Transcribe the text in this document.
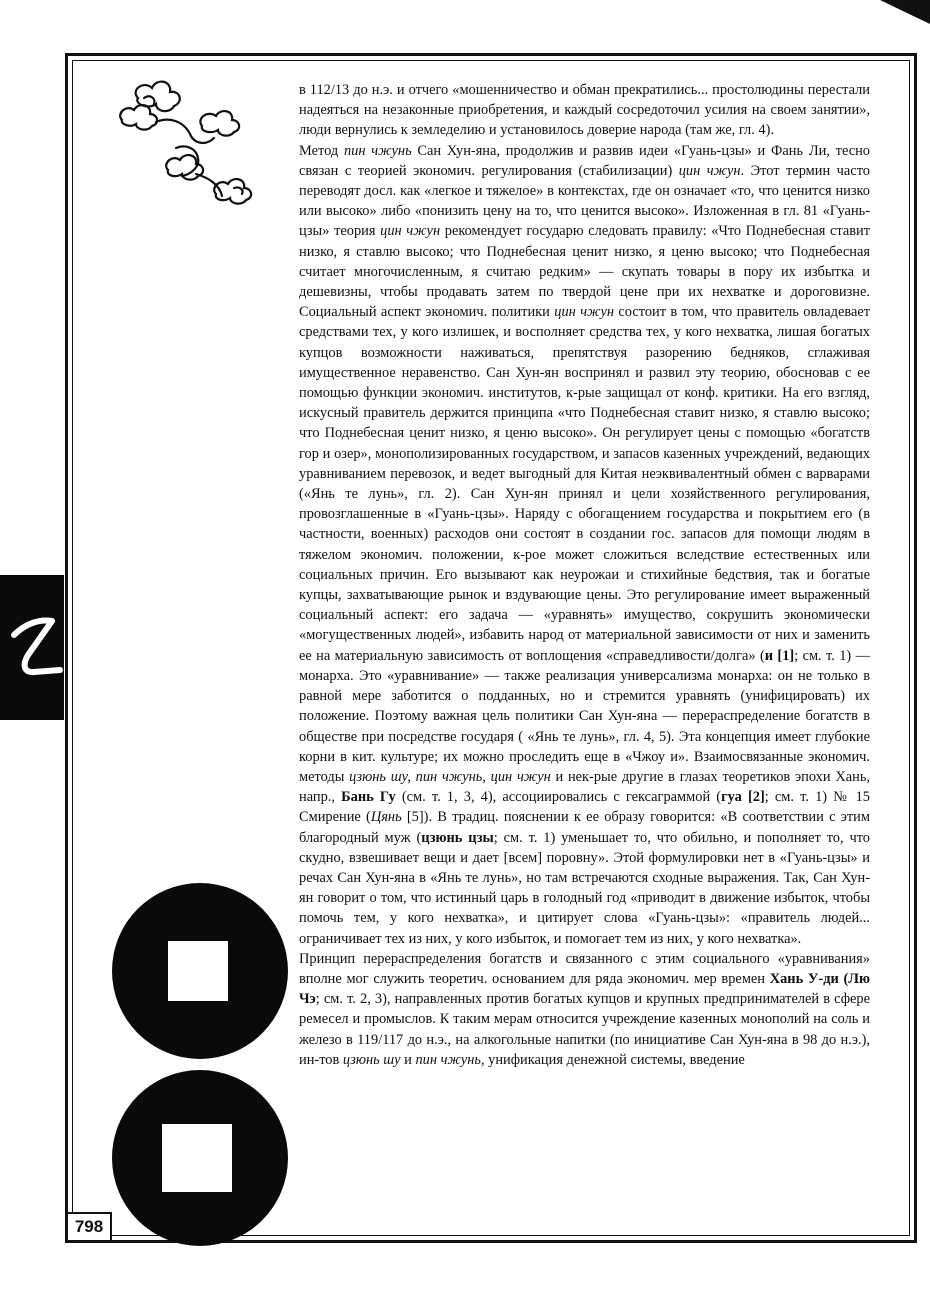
798

в 112/13 до н.э. и отчего «мошенничество и обман прекратились... простолюдины перестали надеяться на незаконные приобретения, и каждый сосредоточил усилия на своем занятии», люди вернулись к земледелию и установилось доверие народа (там же, гл. 4).

Метод пин чжунь Сан Хун-яна, продолжив и развив идеи «Гуань-цзы» и Фань Ли, тесно связан с теорией экономич. регулирования (стабилизации) цин чжун. Этот термин часто переводят досл. как «легкое и тяжелое» в контекстах, где он означает «то, что ценится низко или высоко» либо «понизить цену на то, что ценится высоко». Изложенная в гл. 81 «Гуань-цзы» теория цин чжун рекомендует государю следовать правилу: «Что Поднебесная ставит низко, я ставлю высоко; что Поднебесная ценит низко, я ценю высоко; что Поднебесная считает многочисленным, я считаю редким» — скупать товары в пору их избытка и дешевизны, чтобы продавать затем по твердой цене при их нехватке и дороговизне. Социальный аспект экономич. политики цин чжун состоит в том, что правитель овладевает средствами тех, у кого излишек, и восполняет средства тех, у кого нехватка, лишая богатых купцов возможности наживаться, препятствуя разорению бедняков, сглаживая имущественное неравенство. Сан Хун-ян воспринял и развил эту теорию, обосновав с ее помощью функции экономич. институтов, к-рые защищал от конф. критики. На его взгляд, искусный правитель держится принципа «что Поднебесная ставит низко, я ставлю высоко; что Поднебесная ценит низко, я ценю высоко». Он регулирует цены с помощью «богатств гор и озер», монополизированных государством, и запасов казенных учреждений, ведающих уравниванием перевозок, и ведет выгодный для Китая неэквивалентный обмен с варварами («Янь те лунь», гл. 2). Сан Хун-ян принял и цели хозяйственного регулирования, провозглашенные в «Гуань-цзы». Наряду с обогащением государства и покрытием его (в частности, военных) расходов они состоят в создании гос. запасов для помощи людям в тяжелом экономич. положении, к-рое может сложиться вследствие естественных или социальных причин. Его вызывают как неурожаи и стихийные бедствия, так и богатые купцы, захватывающие рынок и вздувающие цены. Это регулирование имеет выраженный социальный аспект: его задача — «уравнять» имущество, сокрушить экономически «могущественных людей», избавить народ от материальной зависимости от них и заменить ее на материальную зависимость от воплощения «справедливости/долга» (и [1]; см. т. 1) — монарха. Это «уравнивание» — также реализация универсализма монарха: он не только в равной мере заботится о подданных, но и стремится уравнять (унифицировать) их положение. Поэтому важная цель политики Сан Хун-яна — перераспределение богатств в обществе при посредстве государя ( «Янь те лунь», гл. 4, 5). Эта концепция имеет глубокие корни в кит. культуре; их можно проследить еще в «Чжоу и». Взаимосвязанные экономич. методы цзюнь шу, пин чжунь, цин чжун и нек-рые другие в глазах теоретиков эпохи Хань, напр., Бань Гу (см. т. 1, 3, 4), ассоциировались с гексаграммой (гуа [2]; см. т. 1) № 15 Смирение (Цянь [5]). В традиц. пояснении к ее образу говорится: «В соответствии с этим благородный муж (цзюнь цзы; см. т. 1) уменьшает то, что обильно, и пополняет то, что скудно, взвешивает вещи и дает [всем] поровну». Этой формулировки нет в «Гуань-цзы» и речах Сан Хун-яна в «Янь те лунь», но там встречаются сходные выражения. Так, Сан Хун-ян говорит о том, что истинный царь в голодный год «приводит в движение избыток, чтобы помочь тем, у кого нехватка», и цитирует слова «Гуань-цзы»: «правитель людей... ограничивает тех из них, у кого избыток, и помогает тем из них, у кого нехватка».

Принцип перераспределения богатств и связанного с этим социального «уравнивания» вполне мог служить теоретич. основанием для ряда экономич. мер времен Хань У-ди (Лю Чэ; см. т. 2, 3), направленных против богатых купцов и крупных предпринимателей в сфере ремесел и промыслов. К таким мерам относится учреждение казенных монополий на соль и железо в 119/117 до н.э., на алкогольные напитки (по инициативе Сан Хун-яна в 98 до н.э.), ин-тов цзюнь шу и пин чжунь, унификация денежной системы, введение
